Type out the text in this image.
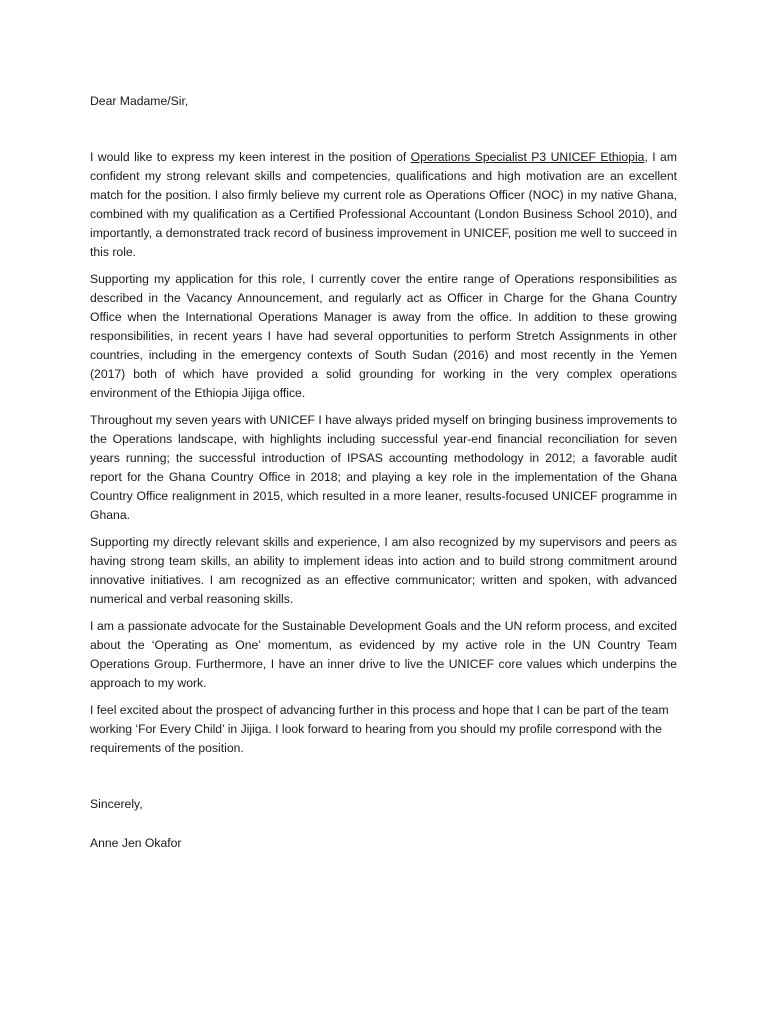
Dear Madame/Sir,

I would like to express my keen interest in the position of Operations Specialist P3 UNICEF Ethiopia, I am confident my strong relevant skills and competencies, qualifications and high motivation are an excellent match for the position. I also firmly believe my current role as Operations Officer (NOC) in my native Ghana, combined with my qualification as a Certified Professional Accountant (London Business School 2010), and importantly, a demonstrated track record of business improvement in UNICEF, position me well to succeed in this role.

Supporting my application for this role, I currently cover the entire range of Operations responsibilities as described in the Vacancy Announcement, and regularly act as Officer in Charge for the Ghana Country Office when the International Operations Manager is away from the office. In addition to these growing responsibilities, in recent years I have had several opportunities to perform Stretch Assignments in other countries, including in the emergency contexts of South Sudan (2016) and most recently in the Yemen (2017) both of which have provided a solid grounding for working in the very complex operations environment of the Ethiopia Jijiga office.

Throughout my seven years with UNICEF I have always prided myself on bringing business improvements to the Operations landscape, with highlights including successful year-end financial reconciliation for seven years running; the successful introduction of IPSAS accounting methodology in 2012; a favorable audit report for the Ghana Country Office in 2018; and playing a key role in the implementation of the Ghana Country Office realignment in 2015, which resulted in a more leaner, results-focused UNICEF programme in Ghana.

Supporting my directly relevant skills and experience, I am also recognized by my supervisors and peers as having strong team skills, an ability to implement ideas into action and to build strong commitment around innovative initiatives. I am recognized as an effective communicator; written and spoken, with advanced numerical and verbal reasoning skills.

I am a passionate advocate for the Sustainable Development Goals and the UN reform process, and excited about the ‘Operating as One’ momentum, as evidenced by my active role in the UN Country Team Operations Group. Furthermore, I have an inner drive to live the UNICEF core values which underpins the approach to my work.

I feel excited about the prospect of advancing further in this process and hope that I can be part of the team working ‘For Every Child’ in Jijiga. I look forward to hearing from you should my profile correspond with the requirements of the position.

Sincerely,

Anne Jen Okafor
